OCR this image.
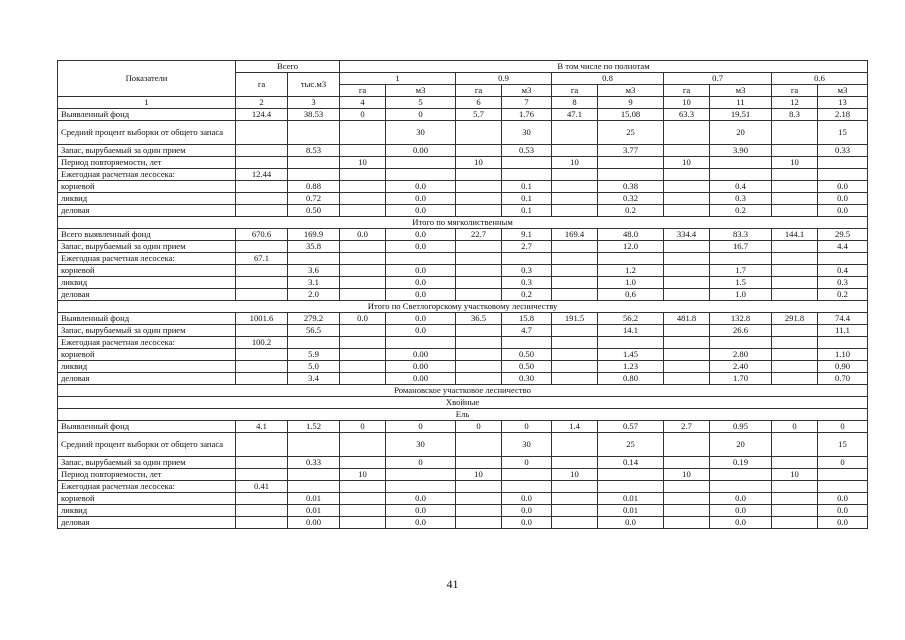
Показатели	Всего		В том числе по полнотам									
	га	тыс.м3	1		0.9		0.8		0.7		0.6	
			га	м3	га	м3	га	м3	га	м3	га	м3
1	2	3	4	5	6	7	8	9	10	11	12	13
Выявленный фонд	124.4	38.53	0	0	5.7	1.76	47.1	15.08	63.3	19.51	8.3	2.18
Средний процент выборки от общего запаса				30		30		25		20		15
Запас, вырубаемый за один прием		8.53		0.00		0.53		3.77		3.90		0.33
Период повторяемости, лет			10		10		10		10		10	
Ежегодная расчетная лесосека:	12.44											
корневой		0.88		0.0		0.1		0.38		0.4		0.0
ликвид		0.72		0.0		0.1		0.32		0.3		0.0
деловая		0.50		0.0		0.1		0.2		0.2		0.0
Итого по мягколиственным												
Всего выявленный фонд	670.6	169.9	0.0	0.0	22.7	9.1	169.4	48.0	334.4	83.3	144.1	29.5
Запас, вырубаемый за один прием		35.8		0.0		2.7		12.0		16.7		4.4
Ежегодная расчетная лесосека:	67.1											
корневой		3.6		0.0		0.3		1.2		1.7		0.4
ликвид		3.1		0.0		0.3		1.0		1.5		0.3
деловая		2.0		0.0		0.2		0.6		1.0		0.2
Итого по Светлогорскому участковому лесничеству												
Выявленный фонд	1001.6	279.2	0.0	0.0	36.5	15.8	191.5	56.2	481.8	132.8	291.8	74.4
Запас, вырубаемый за один прием		56.5		0.0		4.7		14.1		26.6		11.1
Ежегодная расчетная лесосека:	100.2											
корневой		5.9		0.00		0.50		1.45		2.80		1.10
ликвид		5.0		0.00		0.50		1.23		2.40		0.90
деловая		3.4		0.00		0.30		0.80		1.70		0.70
Романовское участковое лесничество												
Хвойные												
Ель												
Выявленный фонд	4.1	1.52	0	0	0	0	1.4	0.57	2.7	0.95	0	0
Средний процент выборки от общего запаса				30		30		25		20		15
Запас, вырубаемый за один прием		0.33		0		0		0.14		0.19		0
Период повторяемости, лет			10		10		10		10		10	
Ежегодная расчетная лесосека:	0.41											
корневой		0.01		0.0		0.0		0.01		0.0		0.0
ликвид		0.01		0.0		0.0		0.01		0.0		0.0
деловая		0.00		0.0		0.0		0.0		0.0		0.0
41
